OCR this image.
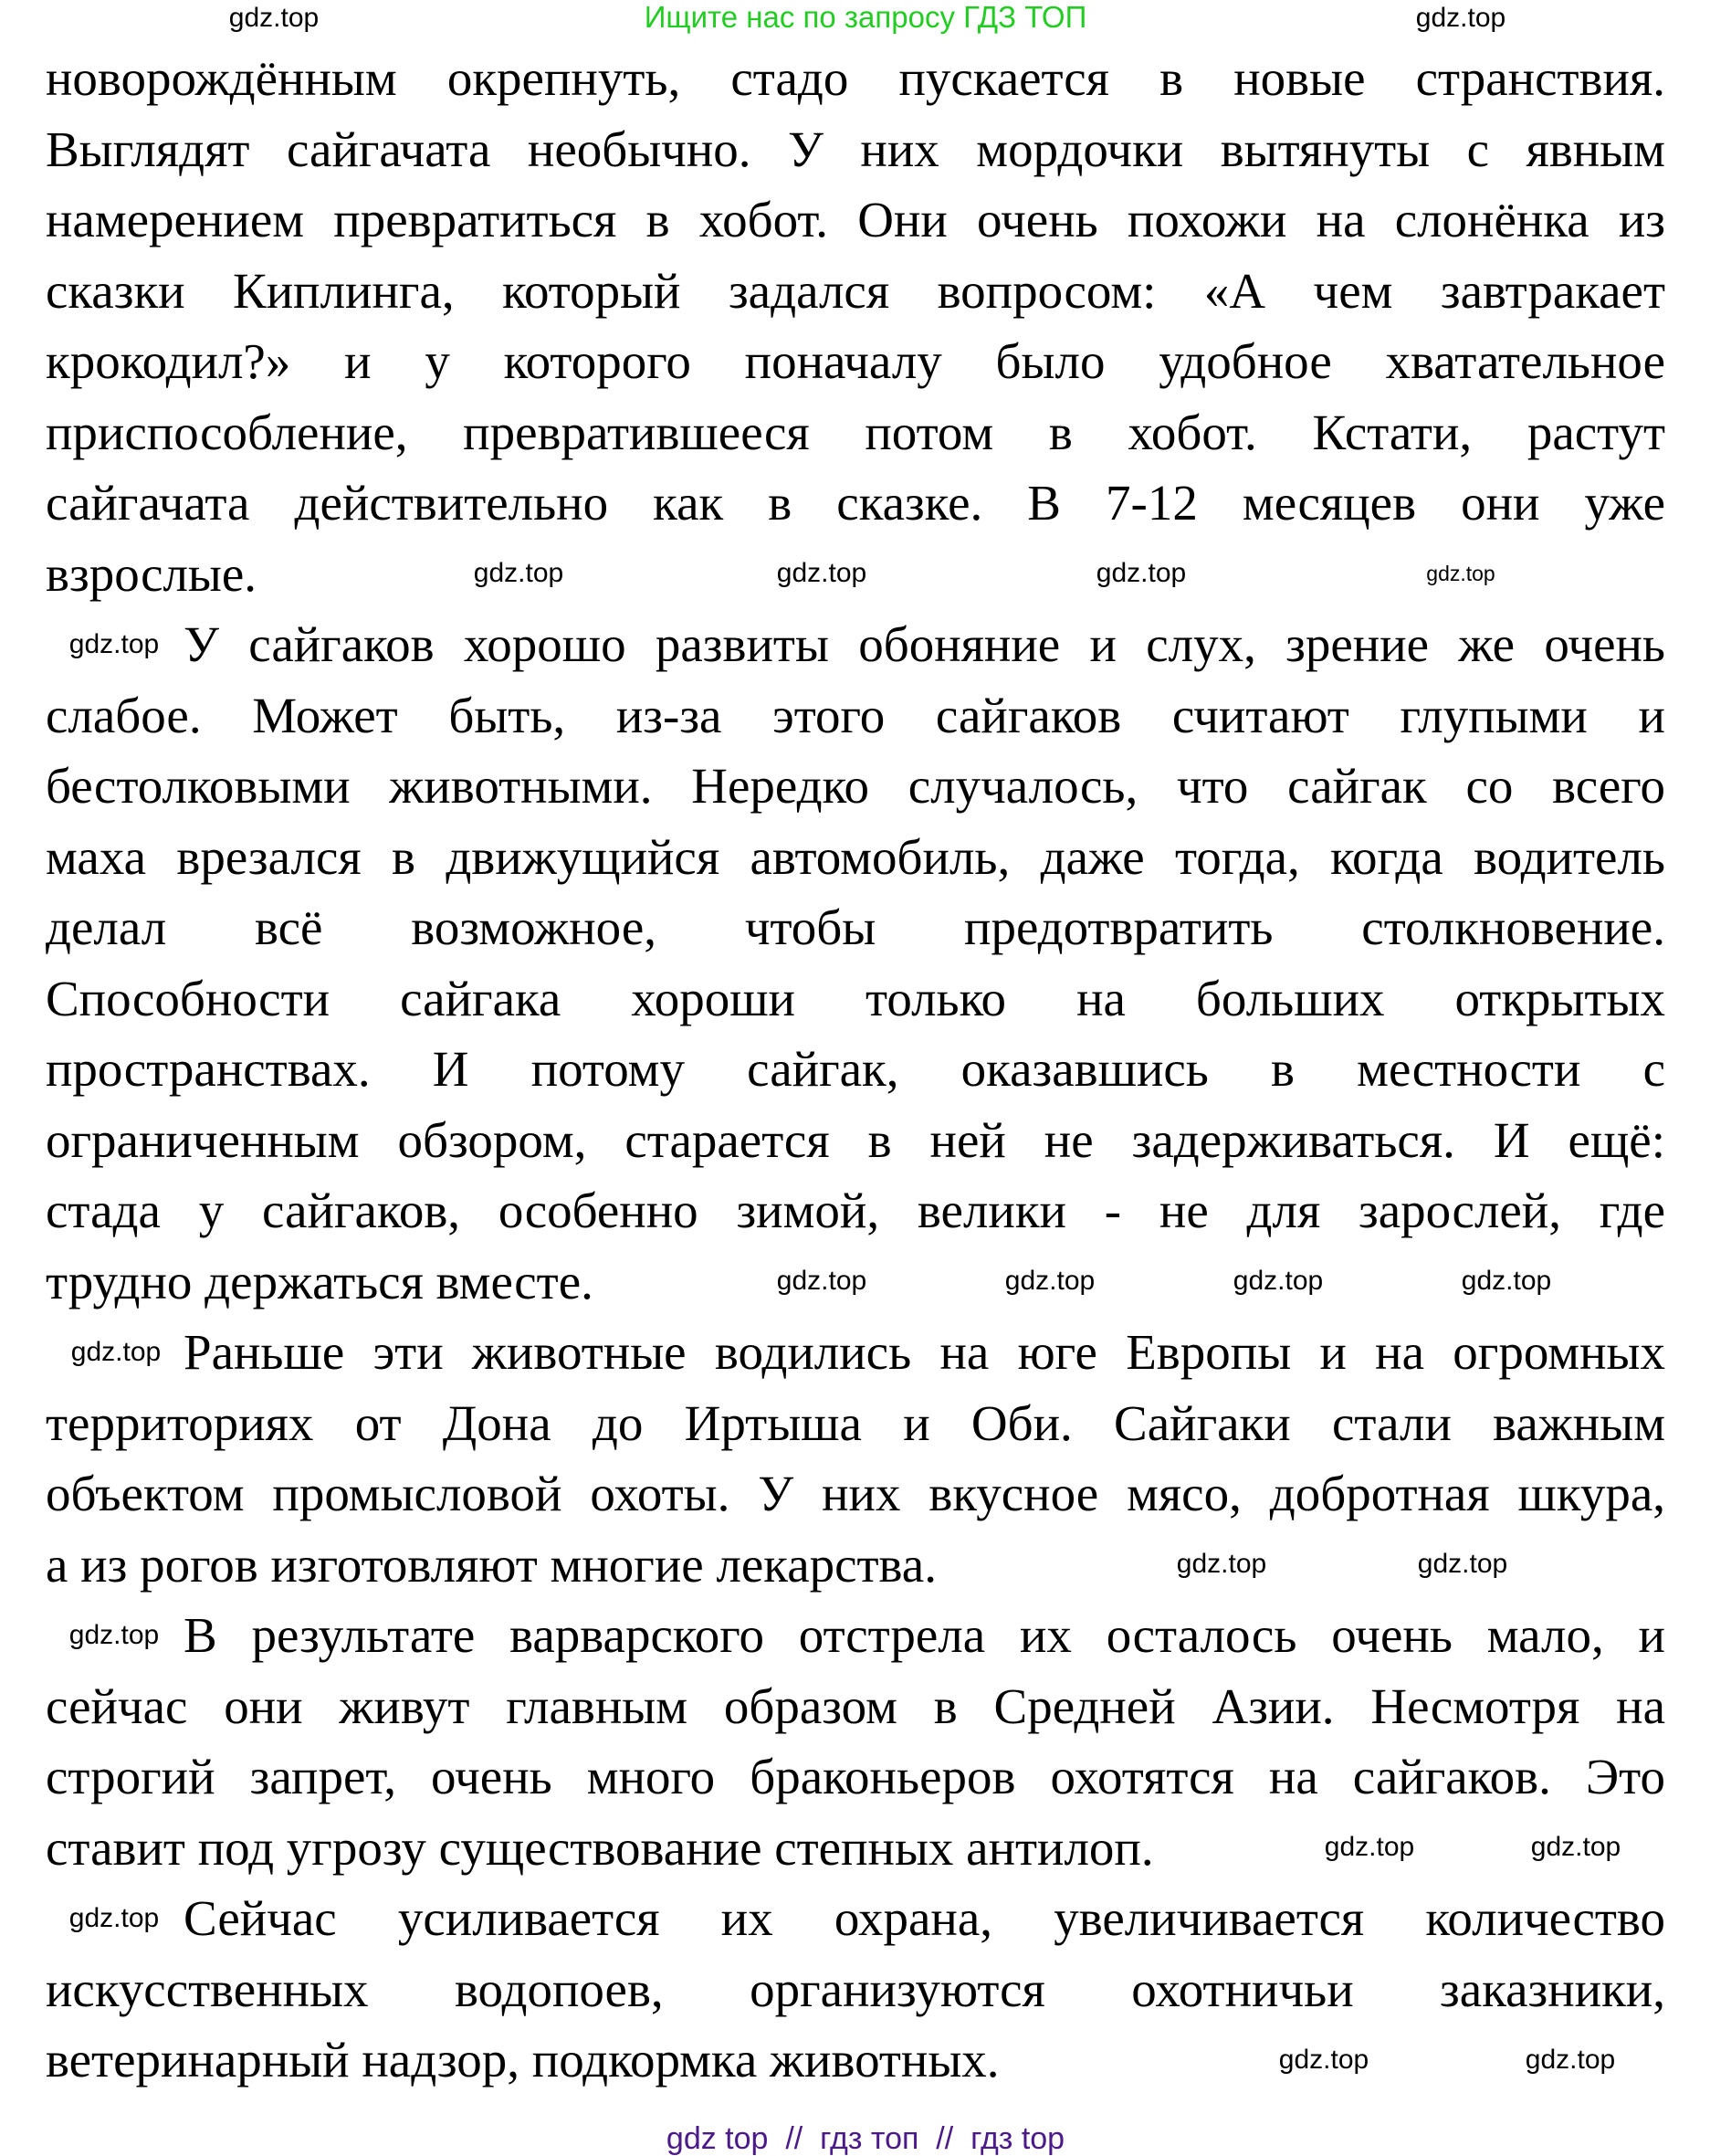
Ищите нас по запросу ГДЗ ТОП
новорождённым окрепнуть, стадо пускается в новые странствия.
Выглядят сайгачата необычно. У них мордочки вытянуты с явным
намерением превратиться в хобот. Они очень похожи на слонёнка из
сказки Киплинга, который задался вопросом: «А чем завтракает
крокодил?» и у которого поначалу было удобное хватательное
приспособление, превратившееся потом в хобот. Кстати, растут
сайгачата действительно как в сказке. В 7-12 месяцев они уже
взрослые.
У сайгаков хорошо развиты обоняние и слух, зрение же очень
слабое. Может быть, из-за этого сайгаков считают глупыми и
бестолковыми животными. Нередко случалось, что сайгак со всего
маха врезался в движущийся автомобиль, даже тогда, когда водитель
делал всё возможное, чтобы предотвратить столкновение.
Способности сайгака хороши только на больших открытых
пространствах. И потому сайгак, оказавшись в местности с
ограниченным обзором, старается в ней не задерживаться. И ещё:
стада у сайгаков, особенно зимой, велики - не для зарослей, где
трудно держаться вместе.
Раньше эти животные водились на юге Европы и на огромных
территориях от Дона до Иртыша и Оби. Сайгаки стали важным
объектом промысловой охоты. У них вкусное мясо, добротная шкура,
а из рогов изготовляют многие лекарства.
В результате варварского отстрела их осталось очень мало, и
сейчас они живут главным образом в Средней Азии. Несмотря на
строгий запрет, очень много браконьеров охотятся на сайгаков. Это
ставит под угрозу существование степных антилоп.
Сейчас усиливается их охрана, увеличивается количество
искусственных водопоев, организуются охотничьи заказники,
ветеринарный надзор, подкормка животных.
gdz.top	gdz.top
gdz.top	gdz.top	gdz.top	gdz.top
gdz.top
gdz.top	gdz.top	gdz.top	gdz.top
gdz.top
gdz.top	gdz.top
gdz.top
gdz.top	gdz.top
gdz.top
gdz.top	gdz.top
gdz top  //  гдз топ  //  гдз top
